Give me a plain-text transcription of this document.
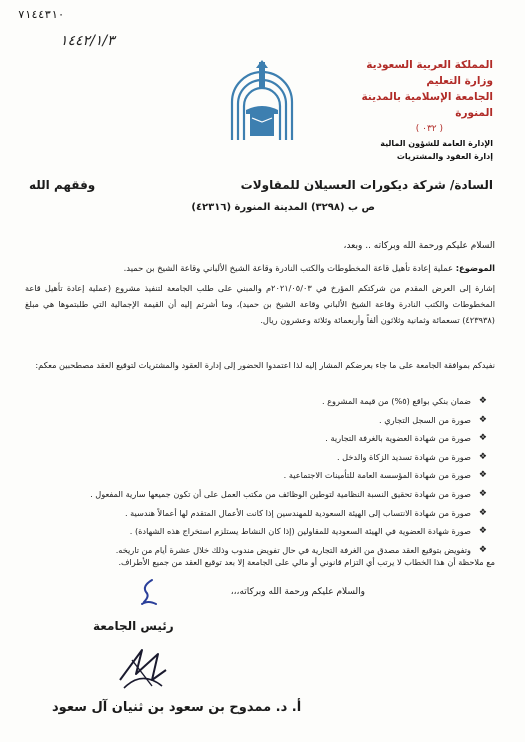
٧١٤٤٣١٠
١٤٤٢/١/٣
المملكة العربية السعودية
وزارة التعليم
الجامعة الإسلامية بالمدينة المنورة
( ٠٣٢ )
الإدارة العامة للشؤون المالية
إدارة العقود والمشتريات
السادة/ شركة ديكورات العسيلان للمقاولات
وفقهم الله
ص ب (٣٢٩٨) المدينة المنورة (٤٢٣١٦)
السلام عليكم ورحمة الله وبركاته .. وبعد،
الموضوع: عملية إعادة تأهيل قاعة المخطوطات والكتب النادرة وقاعة الشيخ الألباني وقاعة الشيخ بن حميد.
إشارة إلى العرض المقدم من شركتكم المؤرخ في ٢٠٢١/٠٥/٠٣م والمبني على طلب الجامعة لتنفيذ مشروع (عملية إعادة تأهيل قاعة المخطوطات والكتب النادرة وقاعة الشيخ الألباني وقاعة الشيخ بن حميد)، وما أشرتم إليه أن القيمة الإجمالية التي طلبتموها هي مبلغ (٤٢٣٩٣٨) تسعمائة وثمانية وثلاثون ألفاً وأربعمائة وثلاثة وعشرون ريال.
نفيدكم بموافقة الجامعة على ما جاء بعرضكم المشار إليه لذا اعتمدوا الحضور إلى إدارة العقود والمشتريات لتوقيع العقد مصطحبين معكم:
❖
ضمان بنكي بواقع (٥%) من قيمة المشروع .
❖
صورة من السجل التجاري .
❖
صورة من شهادة العضوية بالغرفة التجارية .
❖
صورة من شهادة تسديد الزكاة والدخل .
❖
صورة من شهادة المؤسسة العامة للتأمينات الاجتماعية .
❖
صورة من شهادة تحقيق النسبة النظامية لتوطين الوظائف من مكتب العمل على أن تكون جميعها سارية المفعول .
❖
صورة من شهادة الانتساب إلى الهيئة السعودية للمهندسين إذا كانت الأعمال المتقدم لها أعمالاً هندسية .
❖
صورة شهادة العضوية في الهيئة السعودية للمقاولين (إذا كان النشاط يستلزم استخراج هذه الشهادة) .
❖
وتفويض بتوقيع العقد مصدق من الغرفة التجارية في حال تفويض مندوب وذلك خلال عشرة أيام من تاريخه.
مع ملاحظة أن هذا الخطاب لا يرتب أي التزام قانوني أو مالي على الجامعة إلا بعد توقيع العقد من جميع الأطراف.
والسلام عليكم ورحمة الله وبركاته،،،
رئيس الجامعة
أ. د. ممدوح بن سعود بن ثنيان آل سعود
